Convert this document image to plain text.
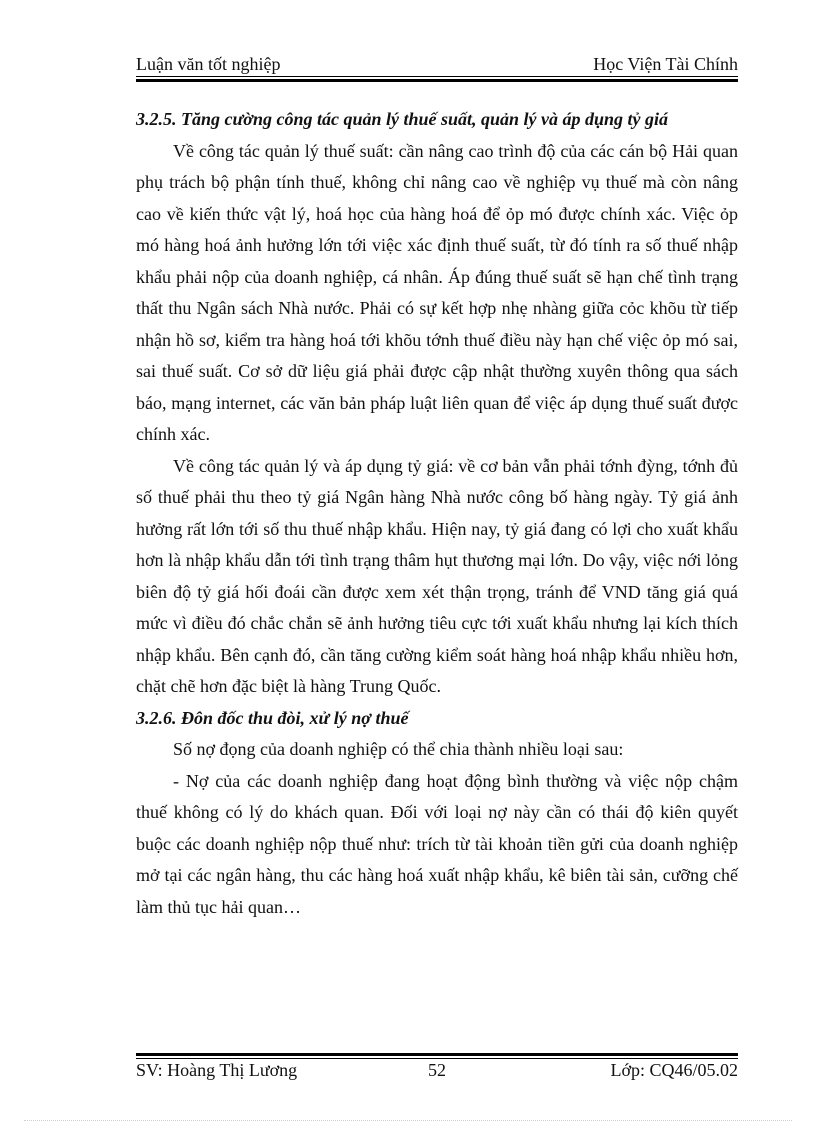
Luận văn tốt nghiệp	Học Viện Tài Chính

3.2.5. Tăng cường công tác quản lý thuế suất, quản lý và áp dụng tỷ giá

Về công tác quản lý thuế suất: cần nâng cao trình độ của các cán bộ Hải quan phụ trách bộ phận tính thuế, không chỉ nâng cao về nghiệp vụ thuế mà còn nâng cao về kiến thức vật lý, hoá học của hàng hoá để ỏp mó được chính xác. Việc ỏp mó hàng hoá ảnh hưởng lớn tới việc xác định thuế suất, từ đó tính ra số thuế nhập khẩu phải nộp của doanh nghiệp, cá nhân. Áp đúng thuế suất sẽ hạn chế tình trạng thất thu Ngân sách Nhà nước. Phải có sự kết hợp nhẹ nhàng giữa cỏc khõu từ tiếp nhận hồ sơ, kiểm tra hàng hoá tới khõu tớnh thuế điều này hạn chế việc ỏp mó sai, sai thuế suất. Cơ sở dữ liệu giá phải được cập nhật thường xuyên thông qua sách báo, mạng internet, các văn bản pháp luật liên quan để việc áp dụng thuế suất được chính xác.

Về công tác quản lý và áp dụng tỷ giá: về cơ bản vẫn phải tớnh đỳng, tớnh đủ số thuế phải thu theo tỷ giá Ngân hàng Nhà nước công bố hàng ngày. Tỷ giá ảnh hưởng rất lớn tới số thu thuế nhập khẩu. Hiện nay, tỷ giá đang có lợi cho xuất khẩu hơn là nhập khẩu dẫn tới tình trạng thâm hụt thương mại lớn. Do vậy, việc nới lỏng biên độ tỷ giá hối đoái cần được xem xét thận trọng, tránh để VND tăng giá quá mức vì điều đó chắc chắn sẽ ảnh hưởng tiêu cực tới xuất khẩu nhưng lại kích thích nhập khẩu. Bên cạnh đó, cần tăng cường kiểm soát hàng hoá nhập khẩu nhiều hơn, chặt chẽ hơn đặc biệt là hàng Trung Quốc.

3.2.6. Đôn đốc thu đòi, xử lý nợ thuế

Số nợ đọng của doanh nghiệp có thể chia thành nhiều loại sau:

- Nợ của các doanh nghiệp đang hoạt động bình thường và việc nộp chậm thuế không có lý do khách quan. Đối với loại nợ này cần có thái độ kiên quyết buộc các doanh nghiệp nộp thuế như: trích từ tài khoản tiền gửi của doanh nghiệp mở tại các ngân hàng, thu các hàng hoá xuất nhập khẩu, kê biên tài sản, cưỡng chế làm thủ tục hải quan…

SV: Hoàng Thị Lương	52	Lớp: CQ46/05.02
